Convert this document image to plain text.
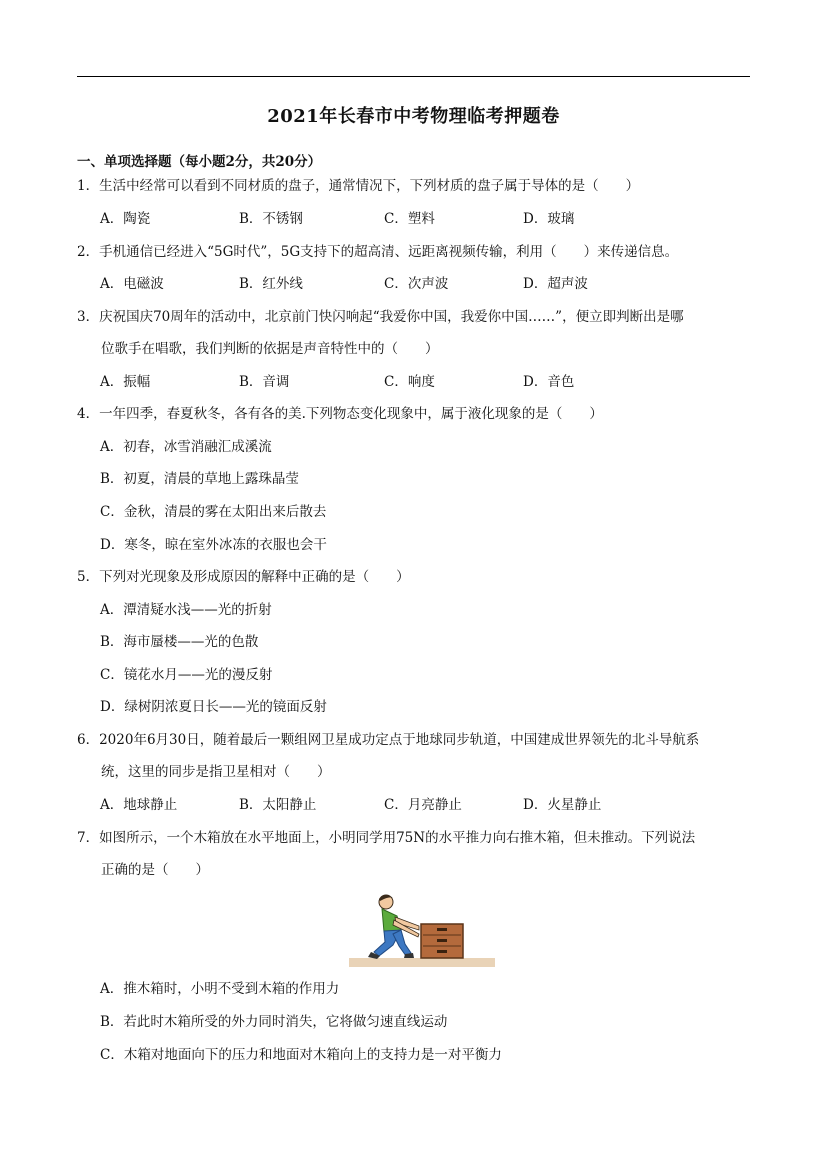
2021年长春市中考物理临考押题卷
一、单项选择题（每小题2分，共20分）
1．生活中经常可以看到不同材质的盘子，通常情况下，下列材质的盘子属于导体的是（　　）
A．陶瓷	B．不锈钢	C．塑料	D．玻璃
2．手机通信已经进入“5G时代”，5G支持下的超高清、远距离视频传输，利用（　　）来传递信息。
A．电磁波	B．红外线	C．次声波	D．超声波
3．庆祝国庆70周年的活动中，北京前门快闪响起“我爱你中国，我爱你中国……”，便立即判断出是哪
位歌手在唱歌，我们判断的依据是声音特性中的（　　）
A．振幅	B．音调	C．响度	D．音色
4．一年四季，春夏秋冬，各有各的美.下列物态变化现象中，属于液化现象的是（　　）
A．初春，冰雪消融汇成溪流
B．初夏，清晨的草地上露珠晶莹
C．金秋，清晨的雾在太阳出来后散去
D．寒冬，晾在室外冰冻的衣服也会干
5．下列对光现象及形成原因的解释中正确的是（　　）
A．潭清疑水浅——光的折射
B．海市蜃楼——光的色散
C．镜花水月——光的漫反射
D．绿树阴浓夏日长——光的镜面反射
6．2020年6月30日，随着最后一颗组网卫星成功定点于地球同步轨道，中国建成世界领先的北斗导航系
统，这里的同步是指卫星相对（　　）
A．地球静止	B．太阳静止	C．月亮静止	D．火星静止
7．如图所示，一个木箱放在水平地面上，小明同学用75N的水平推力向右推木箱，但未推动。下列说法
正确的是（　　）
A．推木箱时，小明不受到木箱的作用力
B．若此时木箱所受的外力同时消失，它将做匀速直线运动
C．木箱对地面向下的压力和地面对木箱向上的支持力是一对平衡力
